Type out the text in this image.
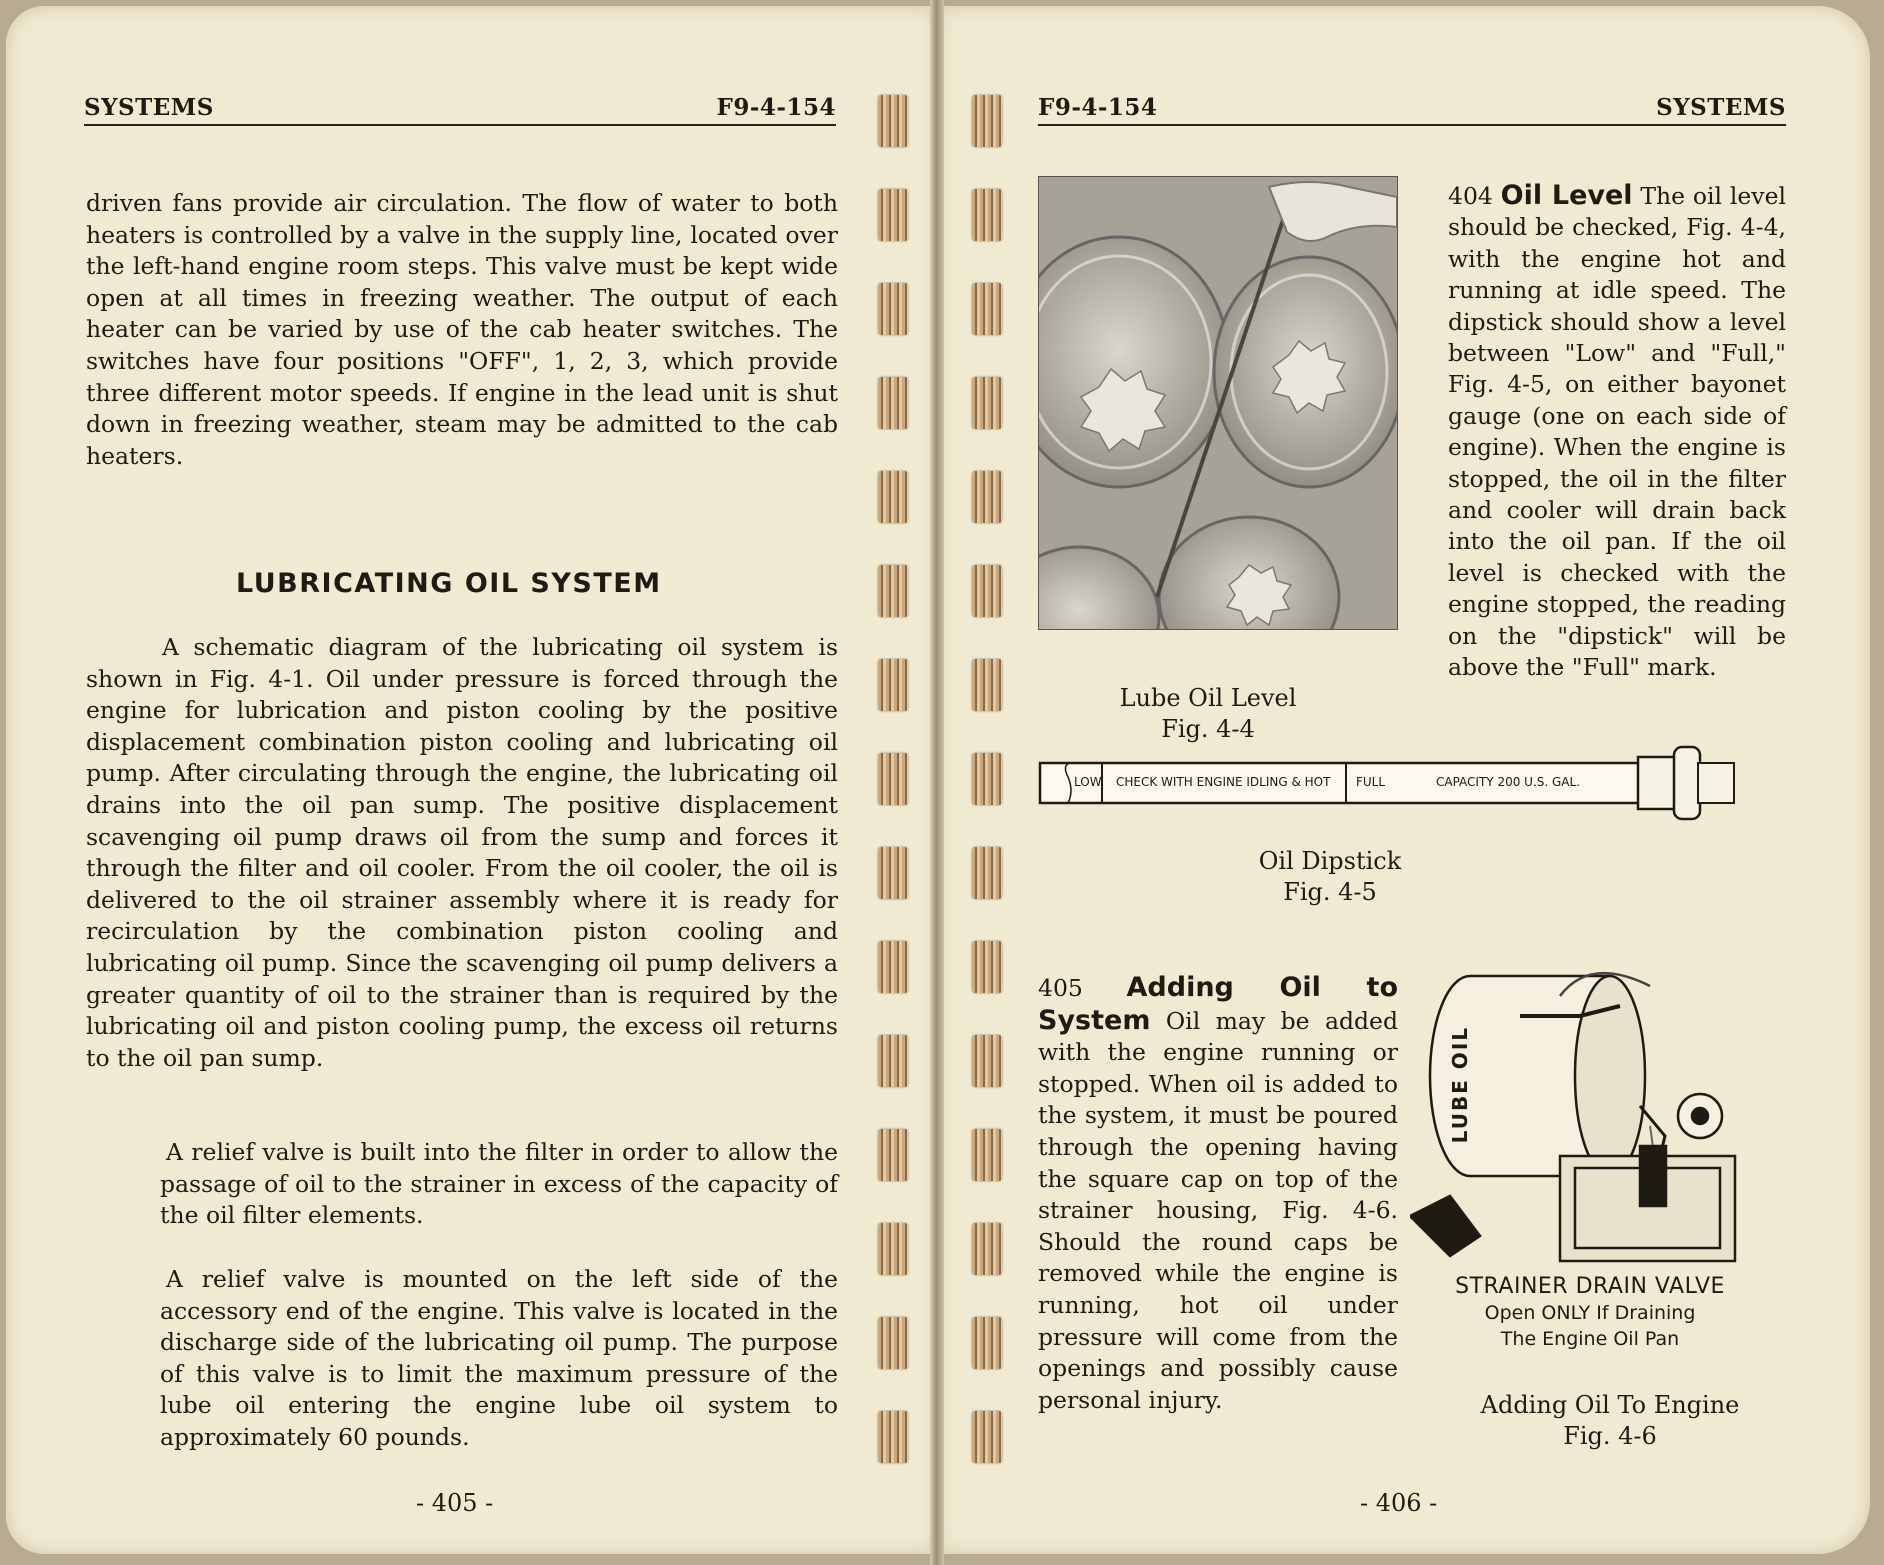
SYSTEMS	F9-4-154
driven fans provide air circulation. The flow of water to both heaters is controlled by a valve in the supply line, located over the left-hand engine room steps. This valve must be kept wide open at all times in freezing weather. The output of each heater can be varied by use of the cab heater switches. The switches have four positions "OFF", 1, 2, 3, which provide three different motor speeds. If engine in the lead unit is shut down in freezing weather, steam may be admitted to the cab heaters.
LUBRICATING OIL SYSTEM
A schematic diagram of the lubricating oil system is shown in Fig. 4-1. Oil under pressure is forced through the engine for lubrication and piston cooling by the positive displacement combination piston cooling and lubricating oil pump. After circulating through the engine, the lubricating oil drains into the oil pan sump. The positive displacement scavenging oil pump draws oil from the sump and forces it through the filter and oil cooler. From the oil cooler, the oil is delivered to the oil strainer assembly where it is ready for recirculation by the combination piston cooling and lubricating oil pump. Since the scavenging oil pump delivers a greater quantity of oil to the strainer than is required by the lubricating oil and piston cooling pump, the excess oil returns to the oil pan sump.
A relief valve is built into the filter in order to allow the passage of oil to the strainer in excess of the capacity of the oil filter elements.
A relief valve is mounted on the left side of the accessory end of the engine. This valve is located in the discharge side of the lubricating oil pump. The purpose of this valve is to limit the maximum pressure of the lube oil entering the engine lube oil system to approximately 60 pounds.
- 405 -
F9-4-154	SYSTEMS
Lube Oil Level
Fig. 4-4
404 Oil Level The oil level should be checked, Fig. 4-4, with the engine hot and running at idle speed. The dipstick should show a level between "Low" and "Full," Fig. 4-5, on either bayonet gauge (one on each side of engine). When the engine is stopped, the oil in the filter and cooler will drain back into the oil pan. If the oil level is checked with the engine stopped, the reading on the "dipstick" will be above the "Full" mark.
LOW CHECK WITH ENGINE IDLING & HOT FULL	CAPACITY 200 U.S. GAL.
Oil Dipstick
Fig. 4-5
405 Adding Oil to System Oil may be added with the engine running or stopped. When oil is added to the system, it must be poured through the opening having the square cap on top of the strainer housing, Fig. 4-6. Should the round caps be removed while the engine is running, hot oil under pressure will come from the openings and possibly cause personal injury.
LUBE OIL
STRAINER DRAIN VALVE
Open ONLY If Draining
The Engine Oil Pan
Adding Oil To Engine
Fig. 4-6
- 406 -
